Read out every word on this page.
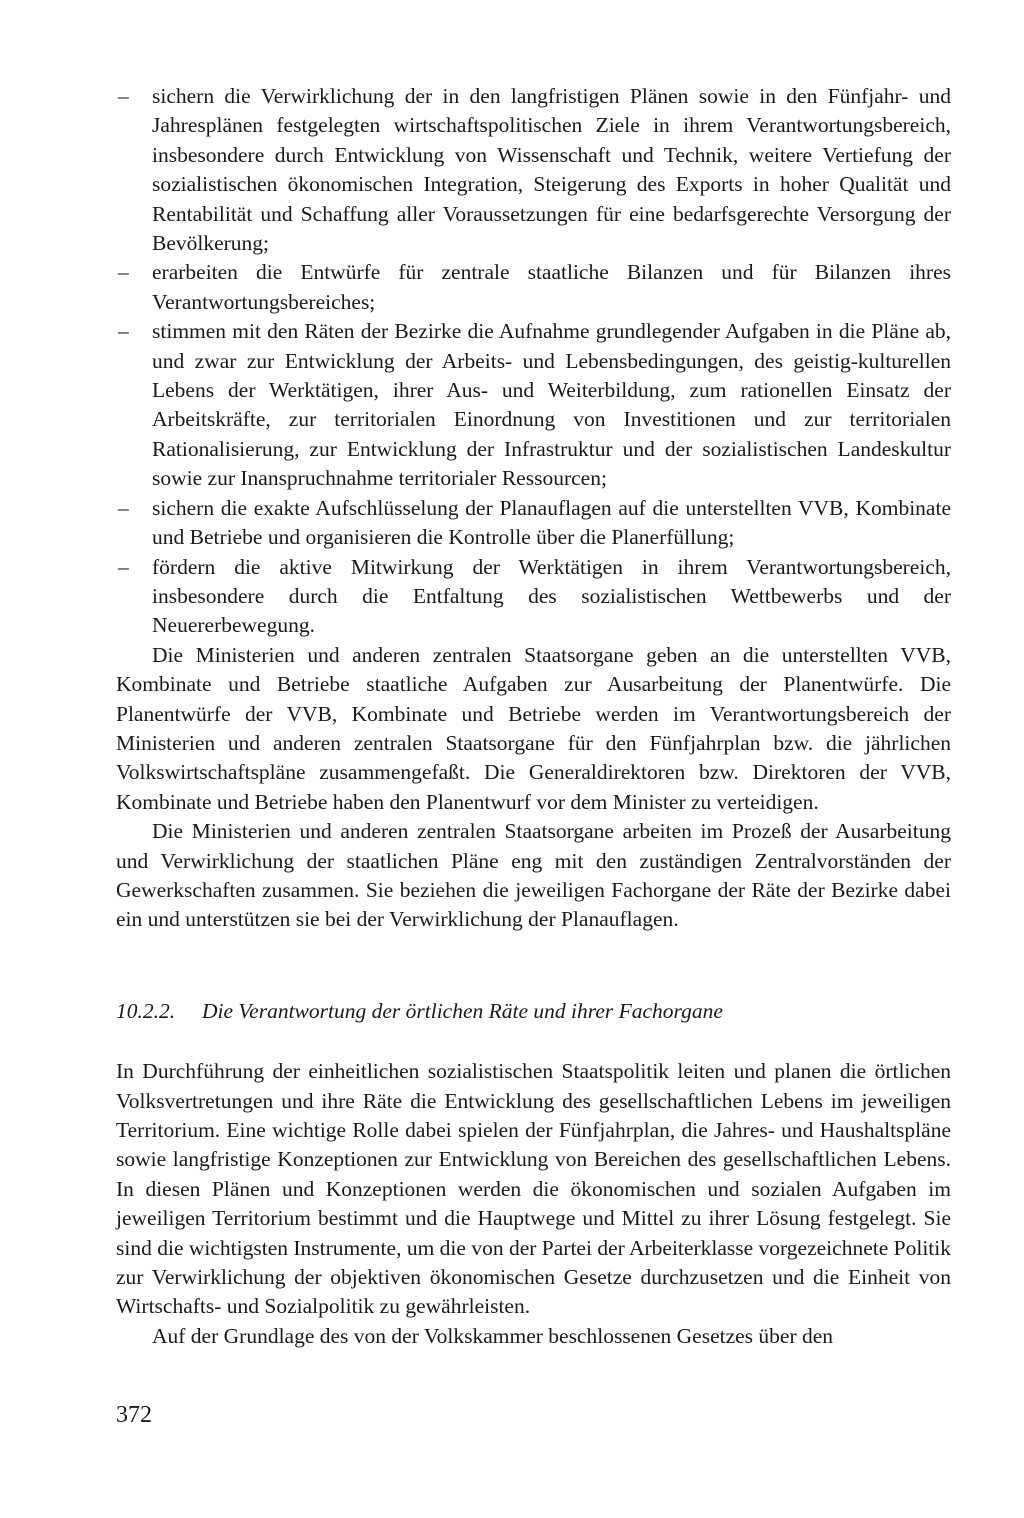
– sichern die Verwirklichung der in den langfristigen Plänen sowie in den Fünfjahr- und Jahresplänen festgelegten wirtschaftspolitischen Ziele in ihrem Verantwortungsbereich, insbesondere durch Entwicklung von Wissenschaft und Technik, weitere Vertiefung der sozialistischen ökonomischen Integration, Steigerung des Exports in hoher Qualität und Rentabilität und Schaffung aller Voraussetzungen für eine bedarfsgerechte Versorgung der Bevölkerung;
– erarbeiten die Entwürfe für zentrale staatliche Bilanzen und für Bilanzen ihres Verantwortungsbereiches;
– stimmen mit den Räten der Bezirke die Aufnahme grundlegender Aufgaben in die Pläne ab, und zwar zur Entwicklung der Arbeits- und Lebensbedingungen, des geistig-kulturellen Lebens der Werktätigen, ihrer Aus- und Weiterbildung, zum rationellen Einsatz der Arbeitskräfte, zur territorialen Einordnung von Investitionen und zur territorialen Rationalisierung, zur Entwicklung der Infrastruktur und der sozialistischen Landeskultur sowie zur Inanspruchnahme territorialer Ressourcen;
– sichern die exakte Aufschlüsselung der Planauflagen auf die unterstellten VVB, Kombinate und Betriebe und organisieren die Kontrolle über die Planerfüllung;
– fördern die aktive Mitwirkung der Werktätigen in ihrem Verantwortungsbereich, insbesondere durch die Entfaltung des sozialistischen Wettbewerbs und der Neuererbewegung.

Die Ministerien und anderen zentralen Staatsorgane geben an die unterstellten VVB, Kombinate und Betriebe staatliche Aufgaben zur Ausarbeitung der Planentwürfe. Die Planentwürfe der VVB, Kombinate und Betriebe werden im Verantwortungsbereich der Ministerien und anderen zentralen Staatsorgane für den Fünfjahrplan bzw. die jährlichen Volkswirtschaftspläne zusammengefaßt. Die Generaldirektoren bzw. Direktoren der VVB, Kombinate und Betriebe haben den Planentwurf vor dem Minister zu verteidigen.

Die Ministerien und anderen zentralen Staatsorgane arbeiten im Prozeß der Ausarbeitung und Verwirklichung der staatlichen Pläne eng mit den zuständigen Zentralvorständen der Gewerkschaften zusammen. Sie beziehen die jeweiligen Fachorgane der Räte der Bezirke dabei ein und unterstützen sie bei der Verwirklichung der Planauflagen.

10.2.2. Die Verantwortung der örtlichen Räte und ihrer Fachorgane

In Durchführung der einheitlichen sozialistischen Staatspolitik leiten und planen die örtlichen Volksvertretungen und ihre Räte die Entwicklung des gesellschaftlichen Lebens im jeweiligen Territorium. Eine wichtige Rolle dabei spielen der Fünfjahrplan, die Jahres- und Haushaltspläne sowie langfristige Konzeptionen zur Entwicklung von Bereichen des gesellschaftlichen Lebens. In diesen Plänen und Konzeptionen werden die ökonomischen und sozialen Aufgaben im jeweiligen Territorium bestimmt und die Hauptwege und Mittel zu ihrer Lösung festgelegt. Sie sind die wichtigsten Instrumente, um die von der Partei der Arbeiterklasse vorgezeichnete Politik zur Verwirklichung der objektiven ökonomischen Gesetze durchzusetzen und die Einheit von Wirtschafts- und Sozialpolitik zu gewährleisten.

Auf der Grundlage des von der Volkskammer beschlossenen Gesetzes über den

372
